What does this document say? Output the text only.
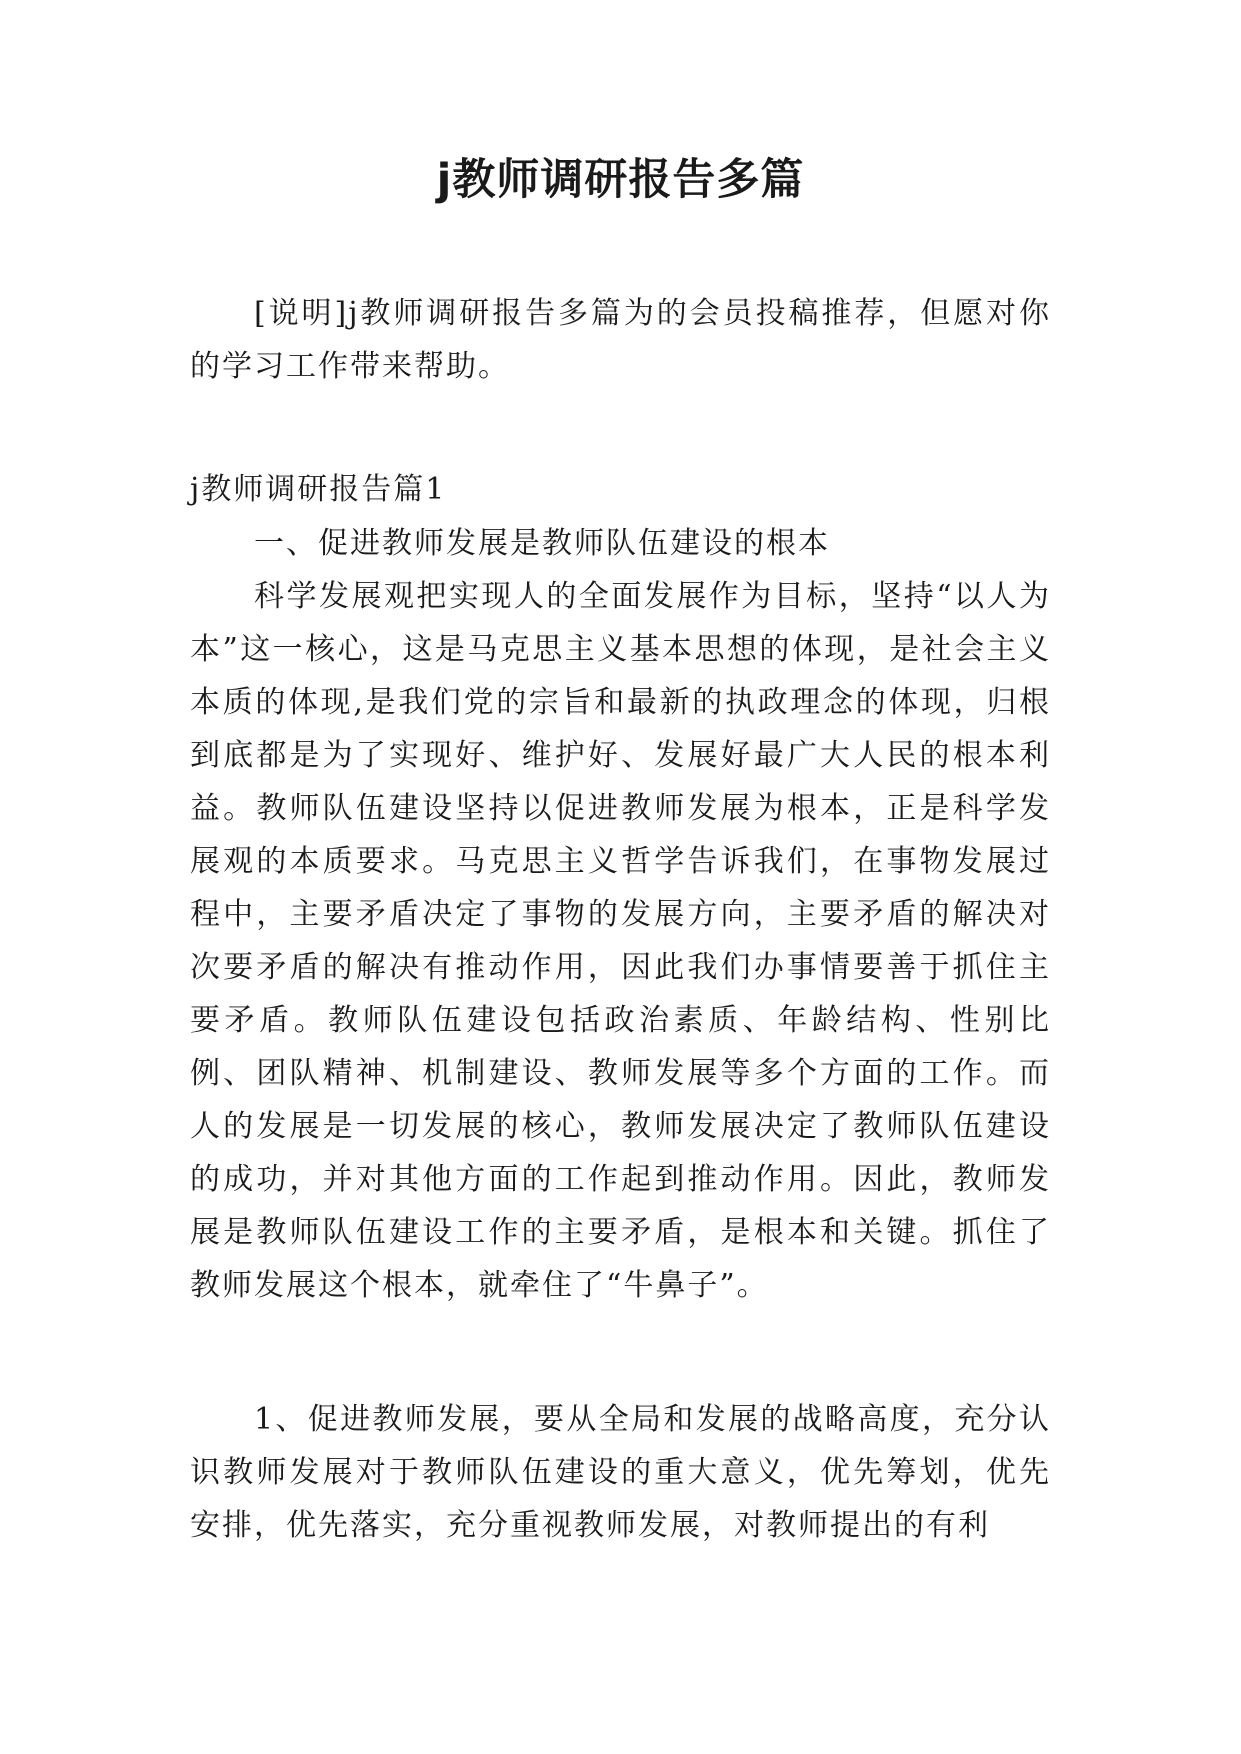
j教师调研报告多篇

[说明]j教师调研报告多篇为的会员投稿推荐，但愿对你的学习工作带来帮助。

j教师调研报告篇1

一、促进教师发展是教师队伍建设的根本

科学发展观把实现人的全面发展作为目标，坚持“以人为本”这一核心，这是马克思主义基本思想的体现，是社会主义本质的体现,是我们党的宗旨和最新的执政理念的体现，归根到底都是为了实现好、维护好、发展好最广大人民的根本利益。教师队伍建设坚持以促进教师发展为根本，正是科学发展观的本质要求。马克思主义哲学告诉我们，在事物发展过程中，主要矛盾决定了事物的发展方向，主要矛盾的解决对次要矛盾的解决有推动作用，因此我们办事情要善于抓住主要矛盾。教师队伍建设包括政治素质、年龄结构、性别比例、团队精神、机制建设、教师发展等多个方面的工作。而人的发展是一切发展的核心，教师发展决定了教师队伍建设的成功，并对其他方面的工作起到推动作用。因此，教师发展是教师队伍建设工作的主要矛盾，是根本和关键。抓住了教师发展这个根本，就牵住了“牛鼻子”。

1、促进教师发展，要从全局和发展的战略高度，充分认识教师发展对于教师队伍建设的重大意义，优先筹划，优先安排，优先落实，充分重视教师发展，对教师提出的有利
